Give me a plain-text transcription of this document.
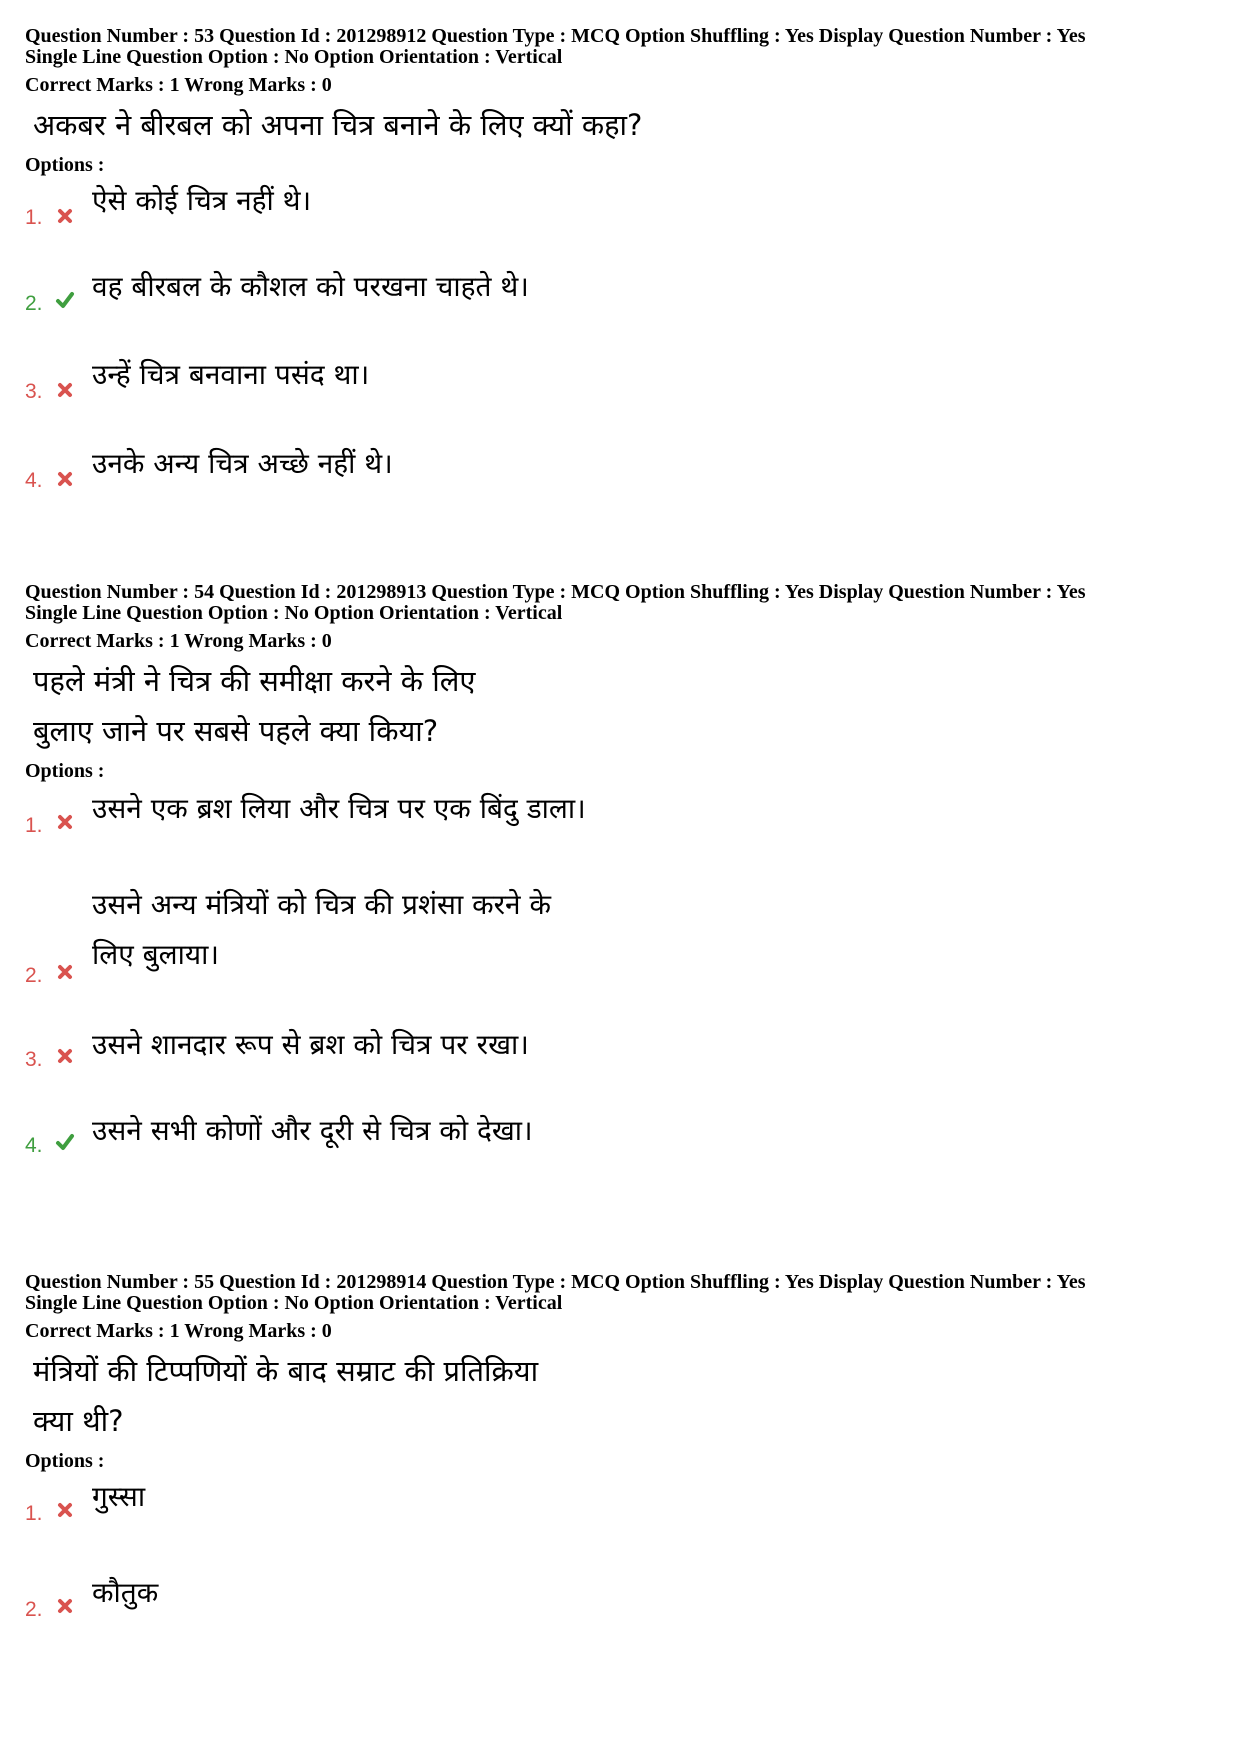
Question Number : 53 Question Id : 201298912 Question Type : MCQ Option Shuffling : Yes Display Question Number : Yes
Single Line Question Option : No Option Orientation : Vertical
Correct Marks : 1 Wrong Marks : 0
अकबर ने बीरबल को अपना चित्र बनाने के लिए क्यों कहा?
Options :
1.
ऐसे कोई चित्र नहीं थे।
2.
वह बीरबल के कौशल को परखना चाहते थे।
3.
उन्हें चित्र बनवाना पसंद था।
4.
उनके अन्य चित्र अच्छे नहीं थे।
Question Number : 54 Question Id : 201298913 Question Type : MCQ Option Shuffling : Yes Display Question Number : Yes
Single Line Question Option : No Option Orientation : Vertical
Correct Marks : 1 Wrong Marks : 0
पहले मंत्री ने चित्र की समीक्षा करने के लिए
बुलाए जाने पर सबसे पहले क्या किया?
Options :
1.
उसने एक ब्रश लिया और चित्र पर एक बिंदु डाला।
2.
उसने अन्य मंत्रियों को चित्र की प्रशंसा करने के
लिए बुलाया।
3. उसने शानदार रूप से ब्रश को चित्र पर रखा।
4. उसने सभी कोणों और दूरी से चित्र को देखा।
Question Number : 55 Question Id : 201298914 Question Type : MCQ Option Shuffling : Yes Display Question Number : Yes
Single Line Question Option : No Option Orientation : Vertical
Correct Marks : 1 Wrong Marks : 0
मंत्रियों की टिप्पणियों के बाद सम्राट की प्रतिक्रिया
क्या थी?
Options :
1.
गुस्सा
2.
कौतुक
